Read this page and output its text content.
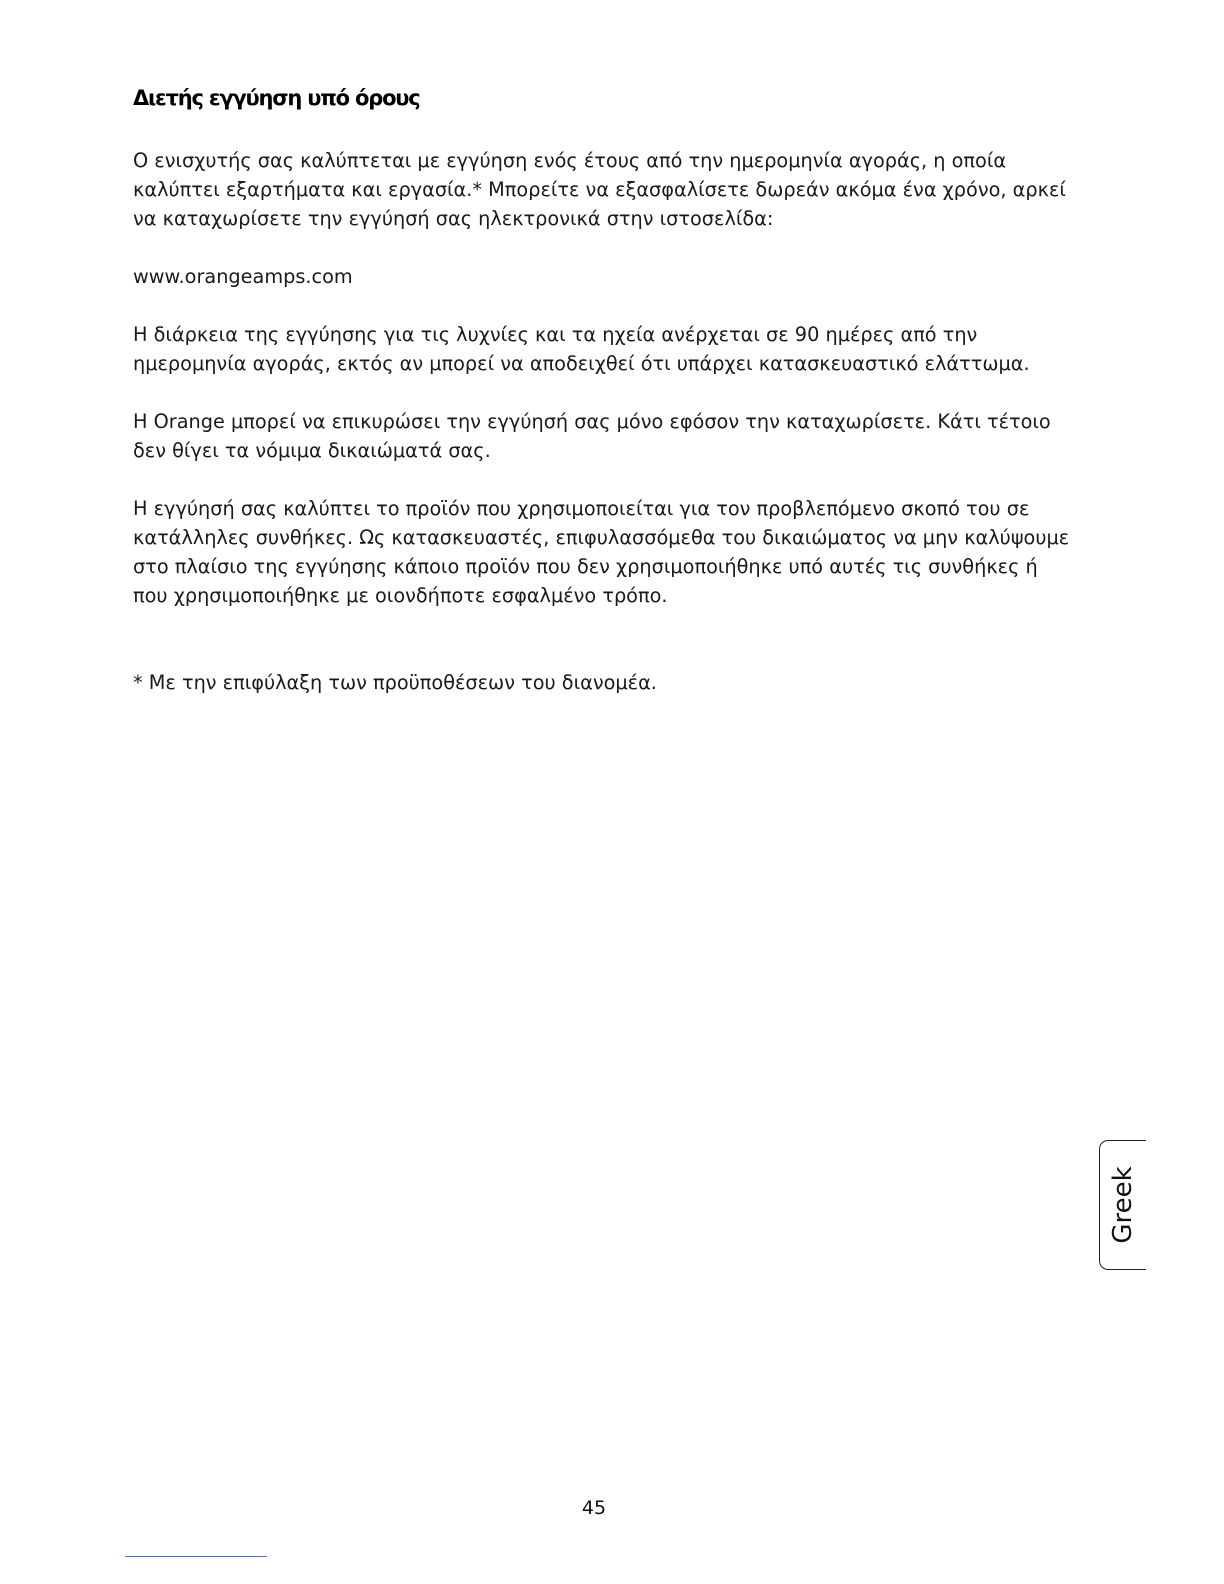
Διετής εγγύηση υπό όρους

Ο ενισχυτής σας καλύπτεται με εγγύηση ενός έτους από την ημερομηνία αγοράς, η οποία καλύπτει εξαρτήματα και εργασία.* Μπορείτε να εξασφαλίσετε δωρεάν ακόμα ένα χρόνο, αρκεί να καταχωρίσετε την εγγύησή σας ηλεκτρονικά στην ιστοσελίδα:

www.orangeamps.com

Η διάρκεια της εγγύησης για τις λυχνίες και τα ηχεία ανέρχεται σε 90 ημέρες από την ημερομηνία αγοράς, εκτός αν μπορεί να αποδειχθεί ότι υπάρχει κατασκευαστικό ελάττωμα.

Η Orange μπορεί να επικυρώσει την εγγύησή σας μόνο εφόσον την καταχωρίσετε. Κάτι τέτοιο δεν θίγει τα νόμιμα δικαιώματά σας.

Η εγγύησή σας καλύπτει το προϊόν που χρησιμοποιείται για τον προβλεπόμενο σκοπό του σε κατάλληλες συνθήκες. Ως κατασκευαστές, επιφυλασσόμεθα του δικαιώματος να μην καλύψουμε στο πλαίσιο της εγγύησης κάποιο προϊόν που δεν χρησιμοποιήθηκε υπό αυτές τις συνθήκες ή που χρησιμοποιήθηκε με οιονδήποτε εσφαλμένο τρόπο.

* Με την επιφύλαξη των προϋποθέσεων του διανομέα.

Greek
45
